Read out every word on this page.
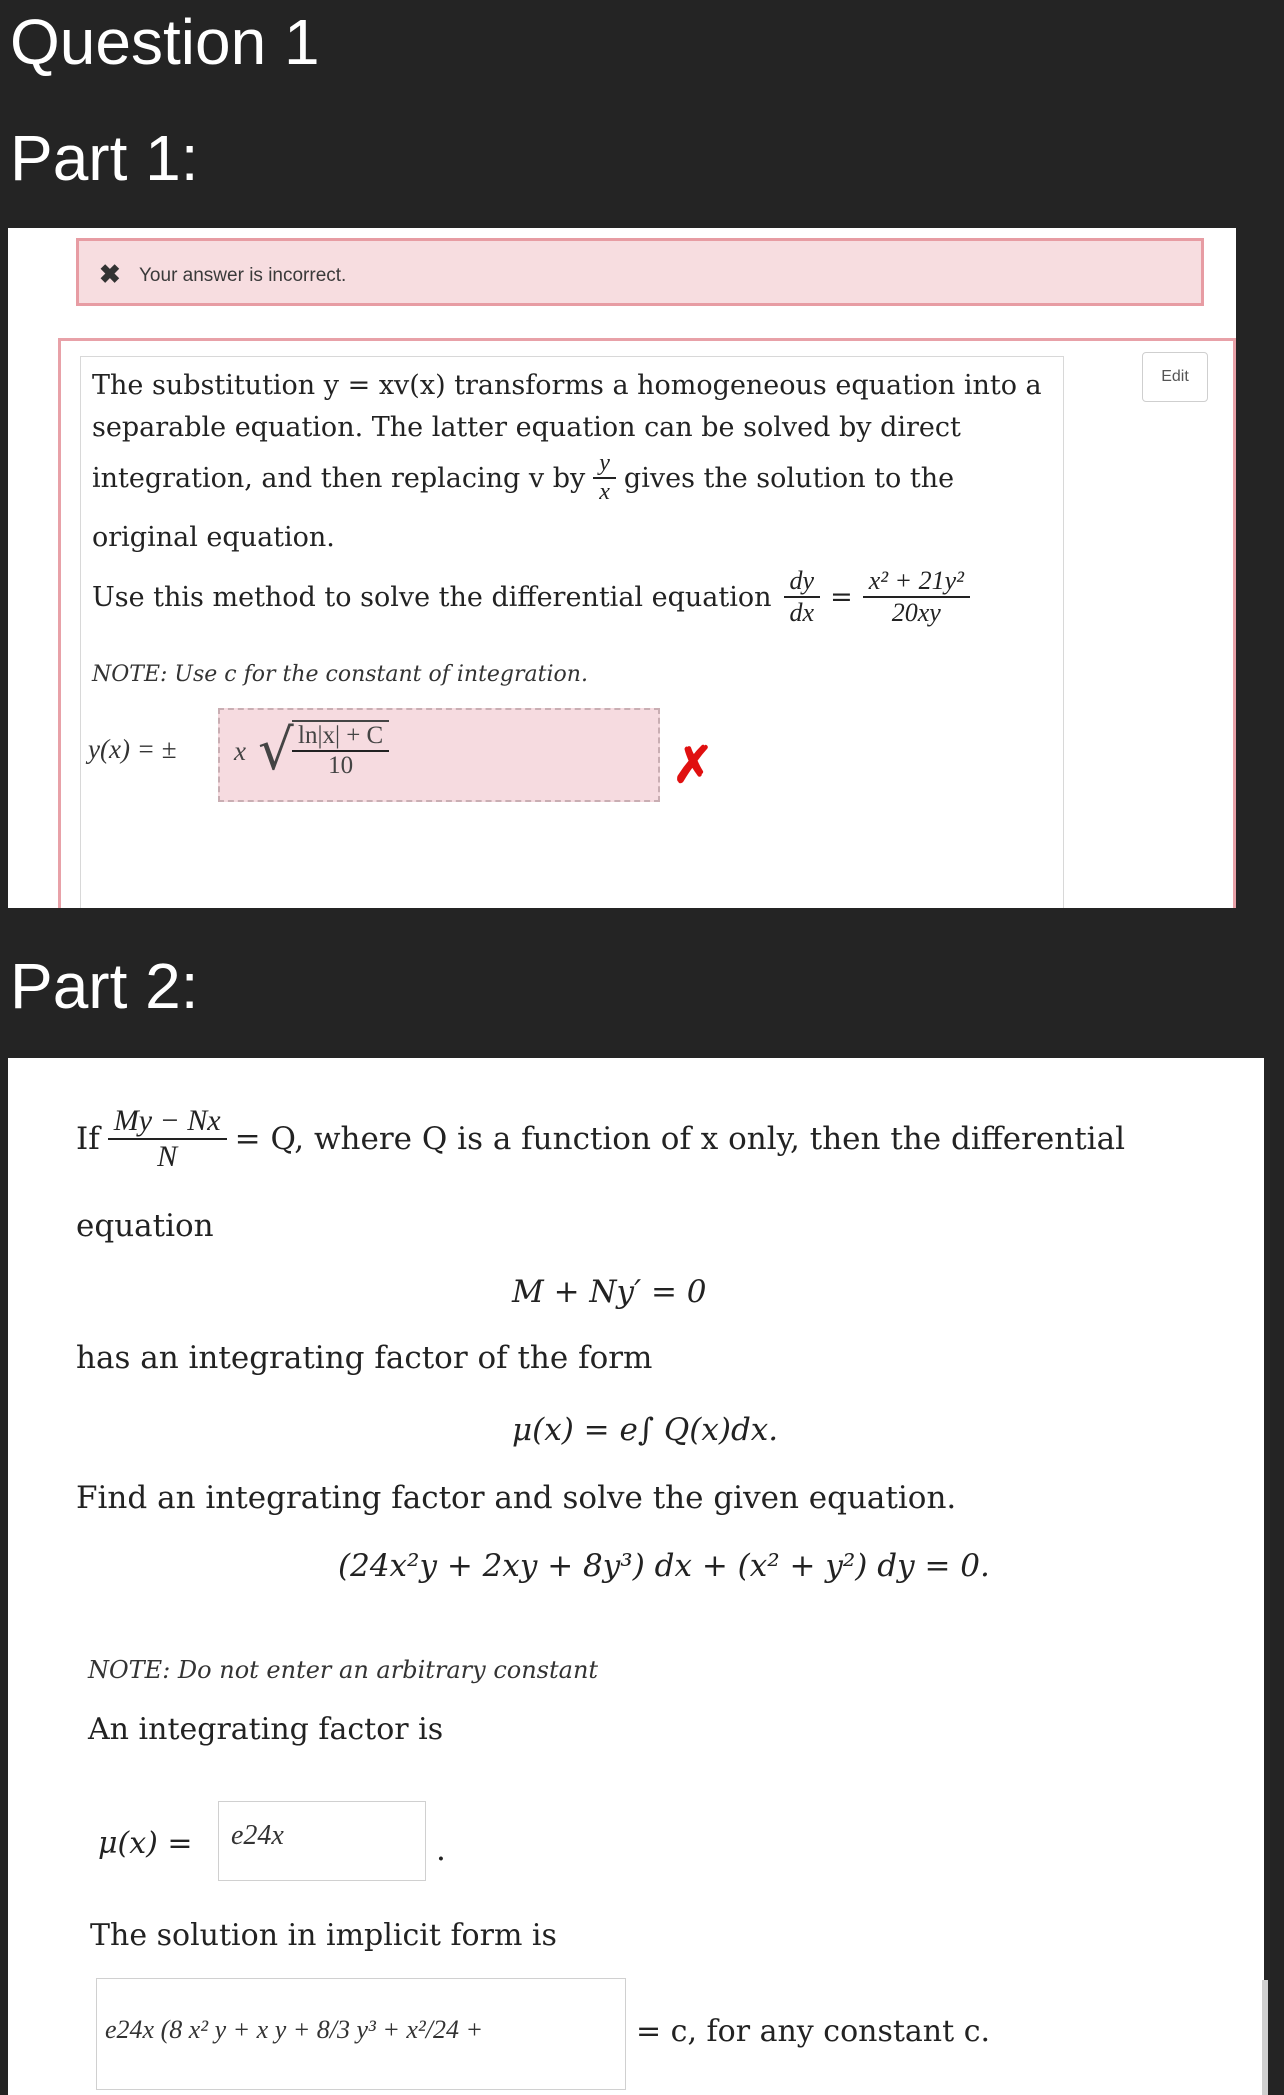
Question 1
Part 1:
Part 2:
✖ Your answer is incorrect.
Edit
The substitution y = xv(x) transforms a homogeneous equation into a
separable equation. The latter equation can be solved by direct
integration, and then replacing v by $\frac{y}{x}$ gives the solution to the
original equation.
Use this method to solve the differential equation $\frac{dy}{dx} = \frac{\text{x² + 21y²}}{20xy}$
NOTE: Use c for the constant of integration.
y(x) = ± x √
$\frac{\ln|x| + C}{10}$	✗
If $\frac{My - Nx}{N} = Q$, where Q is a function of x only, then the differential
equation
M + Ny′ = 0
has an integrating factor of the form
μ(x) = e∫ Q(x)dx.
Find an integrating factor and solve the given equation.
(24x²y + 2xy + 8y³) dx + (x² + y²) dy = 0.
NOTE: Do not enter an arbitrary constant
An integrating factor is
μ(x) = e24x	.
The solution in implicit form is
e24x (8 x² y + x y + 8/3 y³ + x²/24 +	= c, for any constant c.
